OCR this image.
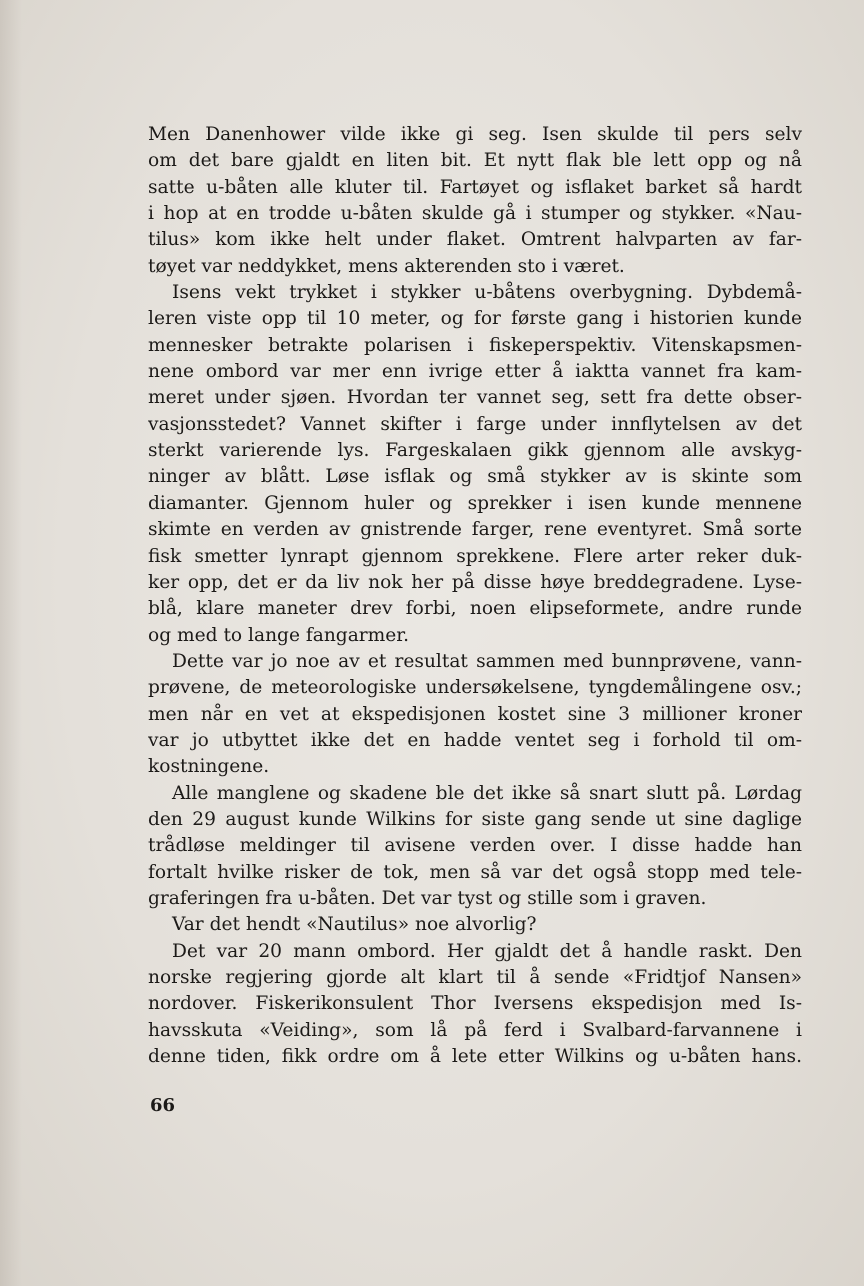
Men Danenhower vilde ikke gi seg. Isen skulde til pers selv
om det bare gjaldt en liten bit. Et nytt flak ble lett opp og nå
satte u-båten alle kluter til. Fartøyet og isflaket barket så hardt
i hop at en trodde u-båten skulde gå i stumper og stykker. «Nau-
tilus» kom ikke helt under flaket. Omtrent halvparten av far-
tøyet var neddykket, mens akterenden sto i været.
Isens vekt trykket i stykker u-båtens overbygning. Dybdemå-
leren viste opp til 10 meter, og for første gang i historien kunde
mennesker betrakte polarisen i fiskeperspektiv. Vitenskapsmen-
nene ombord var mer enn ivrige etter å iaktta vannet fra kam-
meret under sjøen. Hvordan ter vannet seg, sett fra dette obser-
vasjonsstedet? Vannet skifter i farge under innflytelsen av det
sterkt varierende lys. Fargeskalaen gikk gjennom alle avskyg-
ninger av blått. Løse isflak og små stykker av is skinte som
diamanter. Gjennom huler og sprekker i isen kunde mennene
skimte en verden av gnistrende farger, rene eventyret. Små sorte
fisk smetter lynrapt gjennom sprekkene. Flere arter reker duk-
ker opp, det er da liv nok her på disse høye breddegradene. Lyse-
blå, klare maneter drev forbi, noen elipseformete, andre runde
og med to lange fangarmer.
Dette var jo noe av et resultat sammen med bunnprøvene, vann-
prøvene, de meteorologiske undersøkelsene, tyngdemålingene osv.;
men når en vet at ekspedisjonen kostet sine 3 millioner kroner
var jo utbyttet ikke det en hadde ventet seg i forhold til om-
kostningene.
Alle manglene og skadene ble det ikke så snart slutt på. Lørdag
den 29 august kunde Wilkins for siste gang sende ut sine daglige
trådløse meldinger til avisene verden over. I disse hadde han
fortalt hvilke risker de tok, men så var det også stopp med tele-
graferingen fra u-båten. Det var tyst og stille som i graven.
Var det hendt «Nautilus» noe alvorlig?
Det var 20 mann ombord. Her gjaldt det å handle raskt. Den
norske regjering gjorde alt klart til å sende «Fridtjof Nansen»
nordover. Fiskerikonsulent Thor Iversens ekspedisjon med Is-
havsskuta «Veiding», som lå på ferd i Svalbard-farvannene i
denne tiden, fikk ordre om å lete etter Wilkins og u-båten hans.
66
